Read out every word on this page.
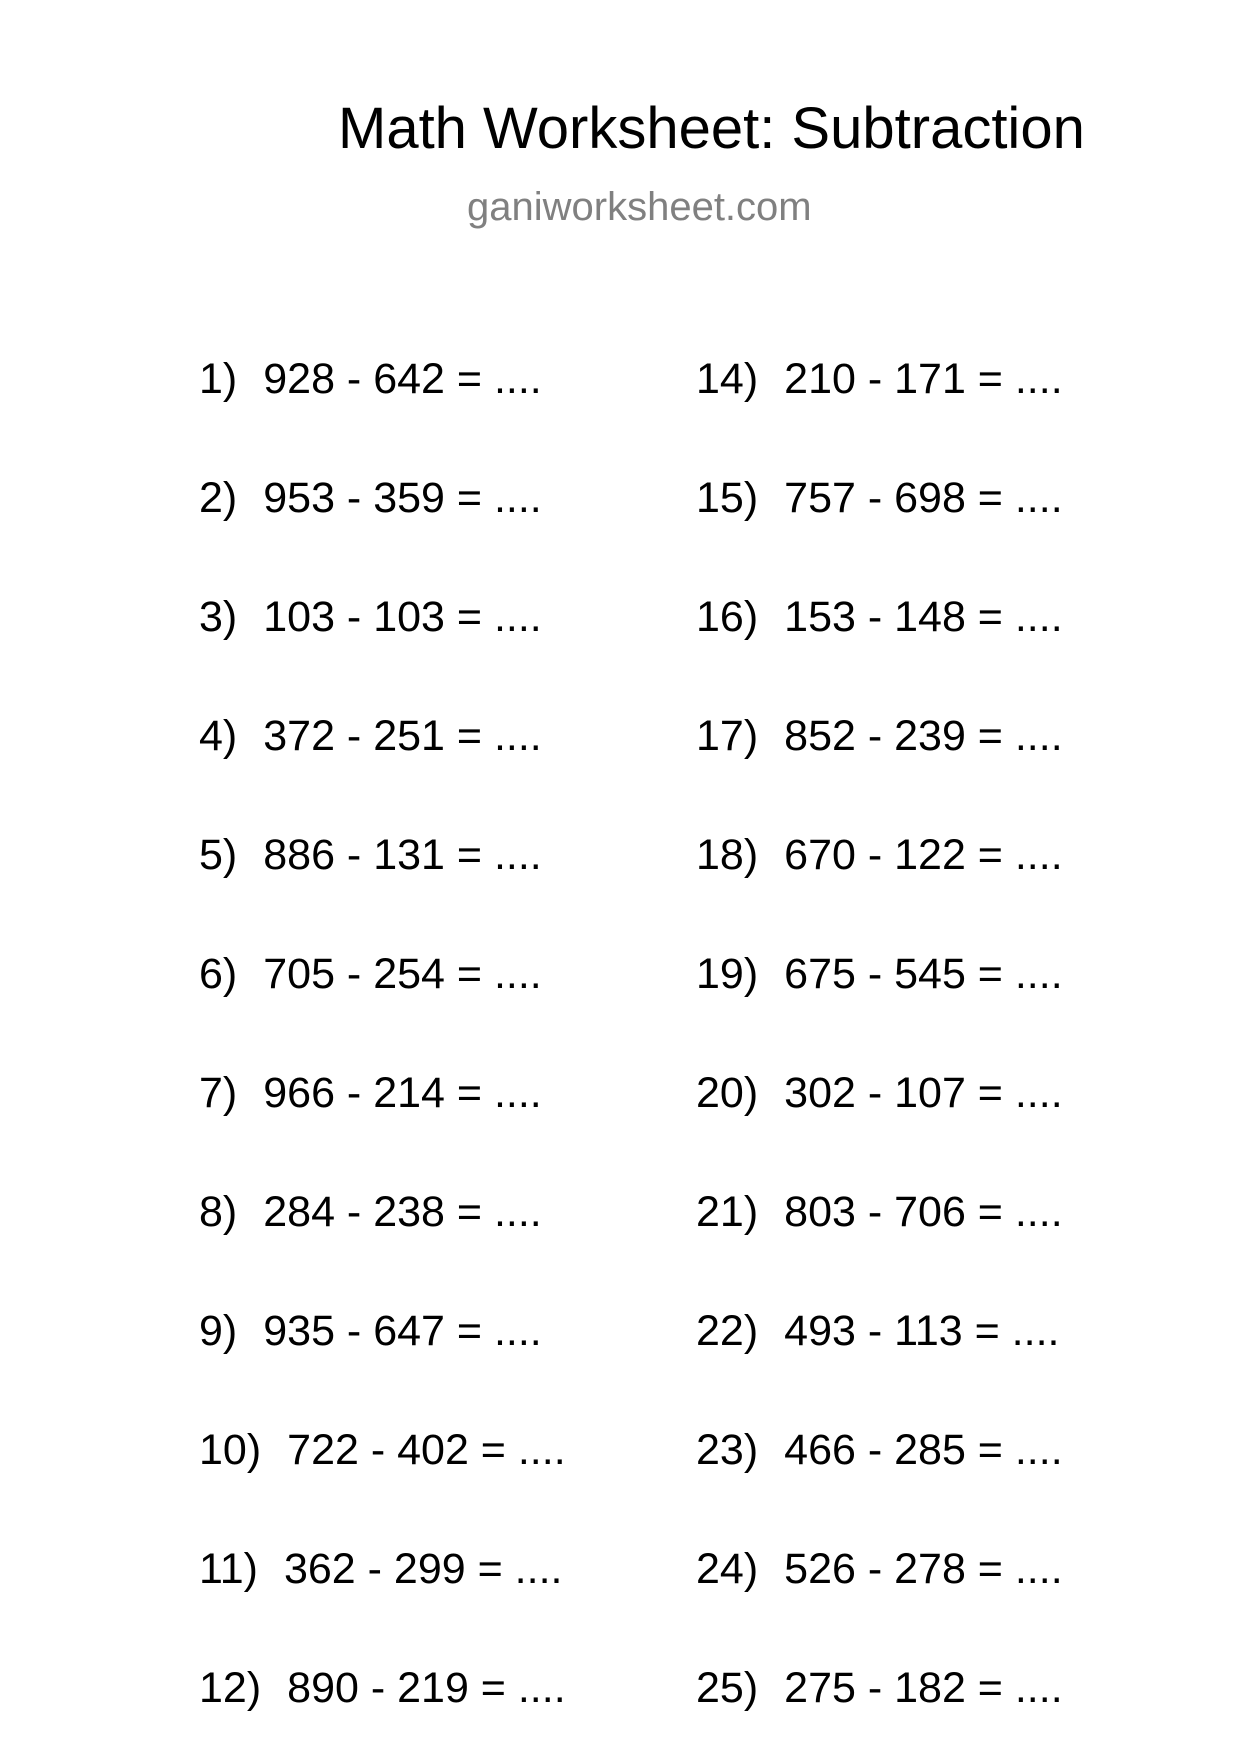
Math Worksheet: Subtraction
ganiworksheet.com
1) 928 - 642 = ....
2) 953 - 359 = ....
3) 103 - 103 = ....
4) 372 - 251 = ....
5) 886 - 131 = ....
6) 705 - 254 = ....
7) 966 - 214 = ....
8) 284 - 238 = ....
9) 935 - 647 = ....
10) 722 - 402 = ....
11) 362 - 299 = ....
12) 890 - 219 = ....
14) 210 - 171 = ....
15) 757 - 698 = ....
16) 153 - 148 = ....
17) 852 - 239 = ....
18) 670 - 122 = ....
19) 675 - 545 = ....
20) 302 - 107 = ....
21) 803 - 706 = ....
22) 493 - 113 = ....
23) 466 - 285 = ....
24) 526 - 278 = ....
25) 275 - 182 = ....
